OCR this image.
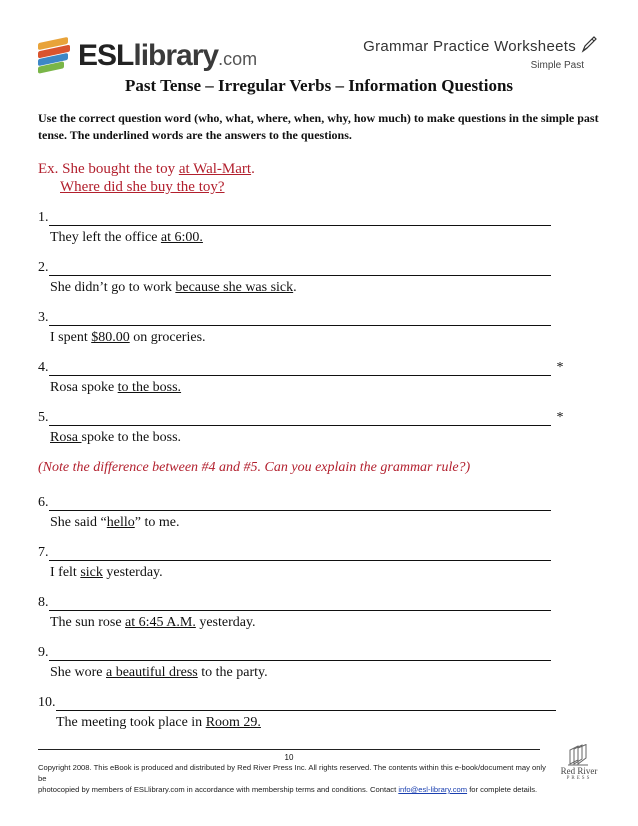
ESLlibrary.com
Grammar Practice Worksheets
Simple Past
Past Tense – Irregular Verbs – Information Questions
Use the correct question word (who, what, where, when, why, how much) to make questions in the simple past tense. The underlined words are the answers to the questions.
Ex. She bought the toy at Wal-Mart.
Where did she buy the toy?
1.
They left the office at 6:00.
2.
She didn’t go to work because she was sick.
3.
I spent $80.00 on groceries.
4.	*
Rosa spoke to the boss.
5.	*
Rosa spoke to the boss.
(Note the difference between #4 and #5. Can you explain the grammar rule?)
6.
She said “hello” to me.
7.
I felt sick yesterday.
8.
The sun rose at 6:45 A.M. yesterday.
9.
She wore a beautiful dress to the party.
10.
The meeting took place in Room 29.
10
Copyright 2008. This eBook is produced and distributed by Red River Press Inc. All rights reserved. The contents within this e-book/document may only be
photocopied by members of ESLlibrary.com in accordance with membership terms and conditions. Contact info@esl-library.com for complete details.
Red River
PRESS
